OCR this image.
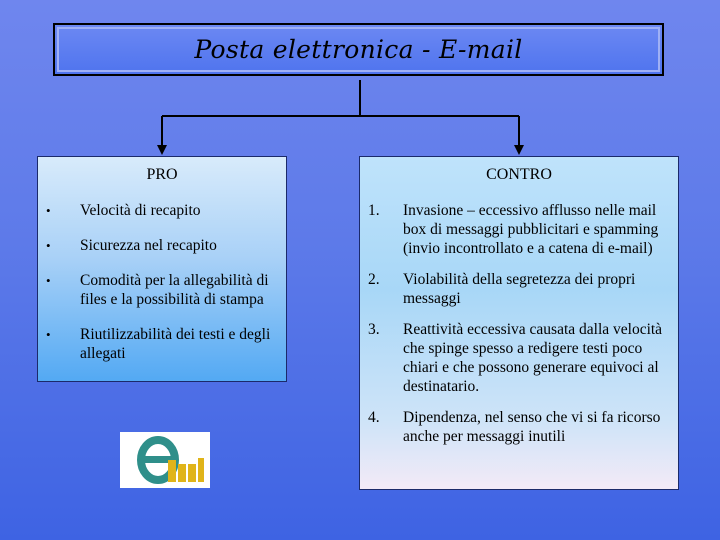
Posta elettronica - E-mail
PRO
• Velocità di recapito
• Sicurezza nel recapito
• Comodità per la allegabilità di files e la possibilità di stampa
• Riutilizzabilità dei testi e degli allegati
CONTRO
1. Invasione – eccessivo afflusso nelle mail box di messaggi pubblicitari e spamming (invio incontrollato e a catena di e-mail)
2. Violabilità della segretezza dei propri messaggi
3. Reattività eccessiva causata dalla velocità che spinge spesso a redigere testi poco chiari e che possono generare equivoci al destinatario.
4. Dipendenza, nel senso che vi si fa ricorso anche per messaggi inutili
